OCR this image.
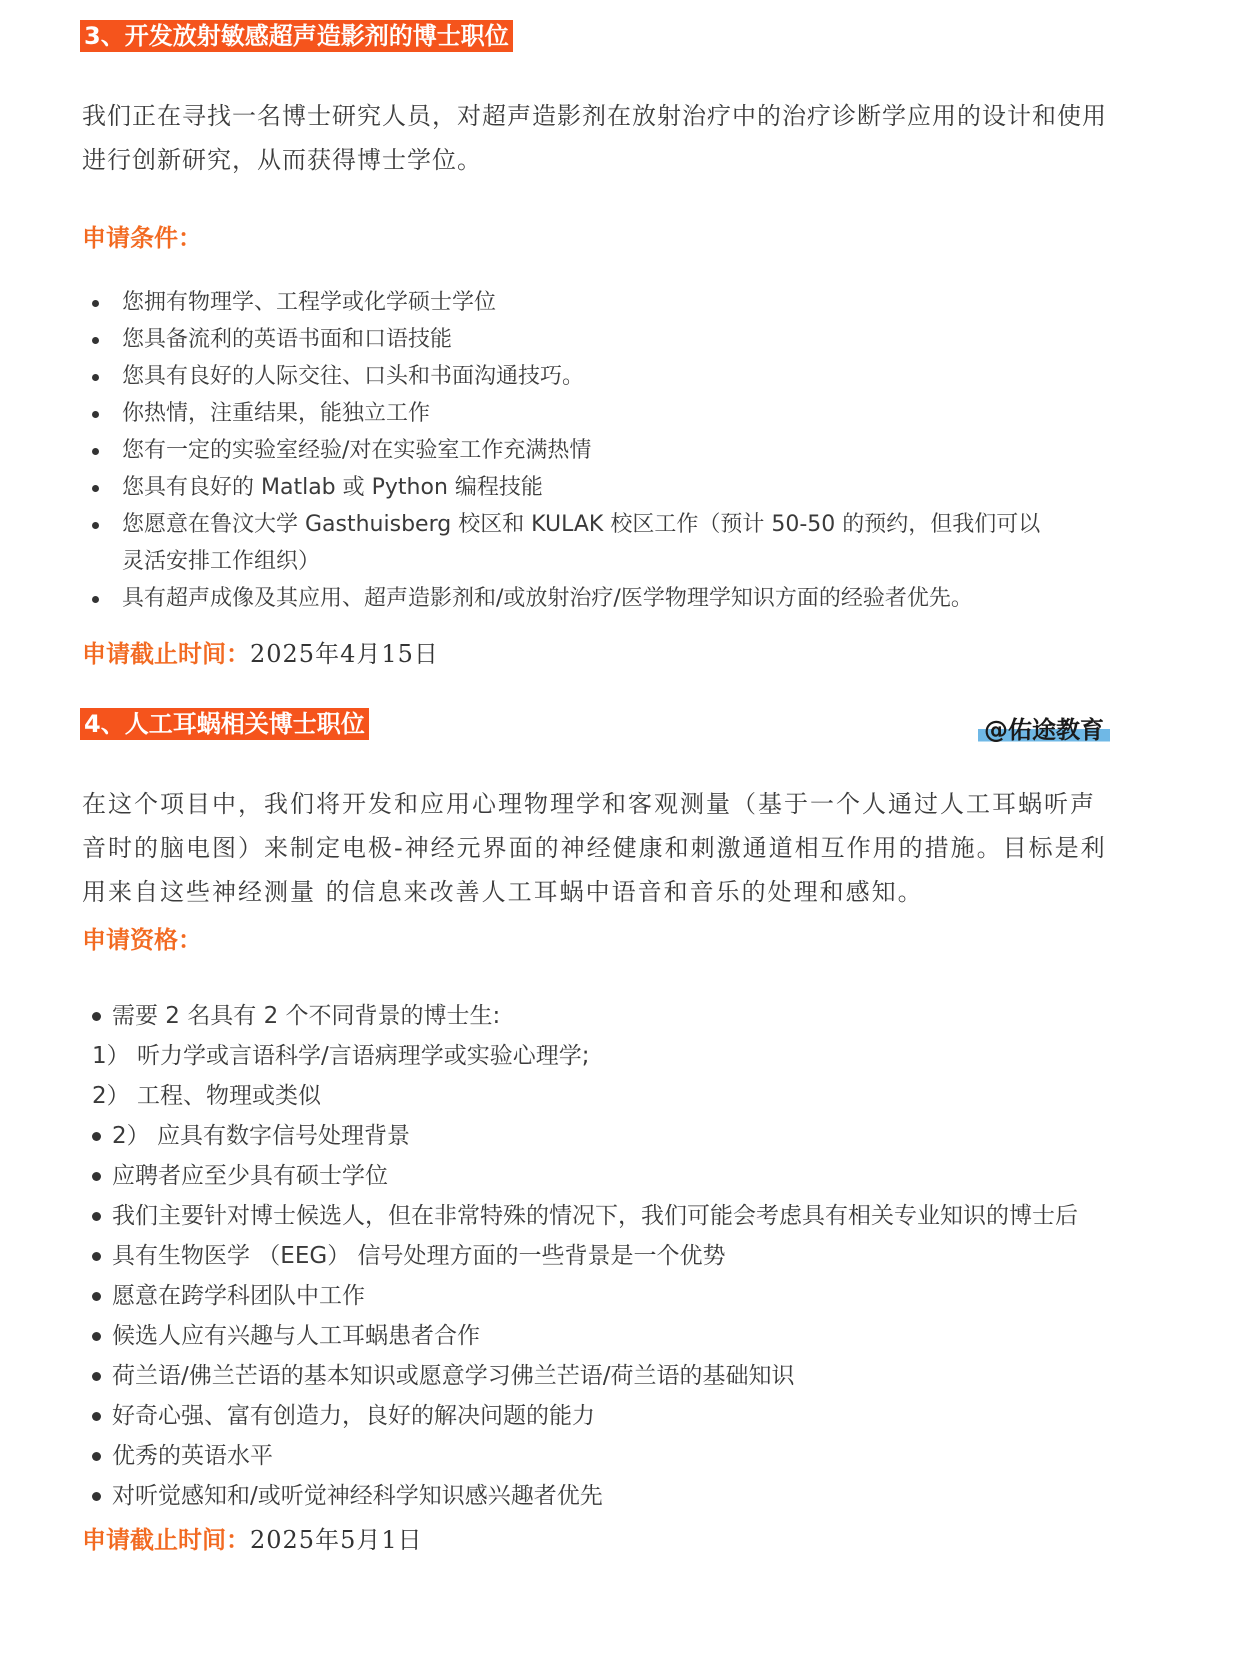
3、开发放射敏感超声造影剂的博士职位
我们正在寻找一名博士研究人员，对超声造影剂在放射治疗中的治疗诊断学应用的设计和使用进行创新研究，从而获得博士学位。
申请条件：
您拥有物理学、工程学或化学硕士学位
您具备流利的英语书面和口语技能
您具有良好的人际交往、口头和书面沟通技巧。
你热情，注重结果，能独立工作
您有一定的实验室经验/对在实验室工作充满热情
您具有良好的 Matlab 或 Python 编程技能
您愿意在鲁汶大学 Gasthuisberg 校区和 KULAK 校区工作（预计 50-50 的预约，但我们可以灵活安排工作组织）
具有超声成像及其应用、超声造影剂和/或放射治疗/医学物理学知识方面的经验者优先。
申请截止时间：2025年4月15日
4、人工耳蜗相关博士职位	@佑途教育
在这个项目中，我们将开发和应用心理物理学和客观测量（基于一个人通过人工耳蜗听声音时的脑电图）来制定电极-神经元界面的神经健康和刺激通道相互作用的措施。目标是利用来自这些神经测量 的信息来改善人工耳蜗中语音和音乐的处理和感知。
申请资格：
需要 2 名具有 2 个不同背景的博士生:
1） 听力学或言语科学/言语病理学或实验心理学;
2） 工程、物理或类似
2） 应具有数字信号处理背景
应聘者应至少具有硕士学位
我们主要针对博士候选人，但在非常特殊的情况下，我们可能会考虑具有相关专业知识的博士后
具有生物医学 （EEG） 信号处理方面的一些背景是一个优势
愿意在跨学科团队中工作
候选人应有兴趣与人工耳蜗患者合作
荷兰语/佛兰芒语的基本知识或愿意学习佛兰芒语/荷兰语的基础知识
好奇心强、富有创造力，良好的解决问题的能力
优秀的英语水平
对听觉感知和/或听觉神经科学知识感兴趣者优先
申请截止时间：2025年5月1日
